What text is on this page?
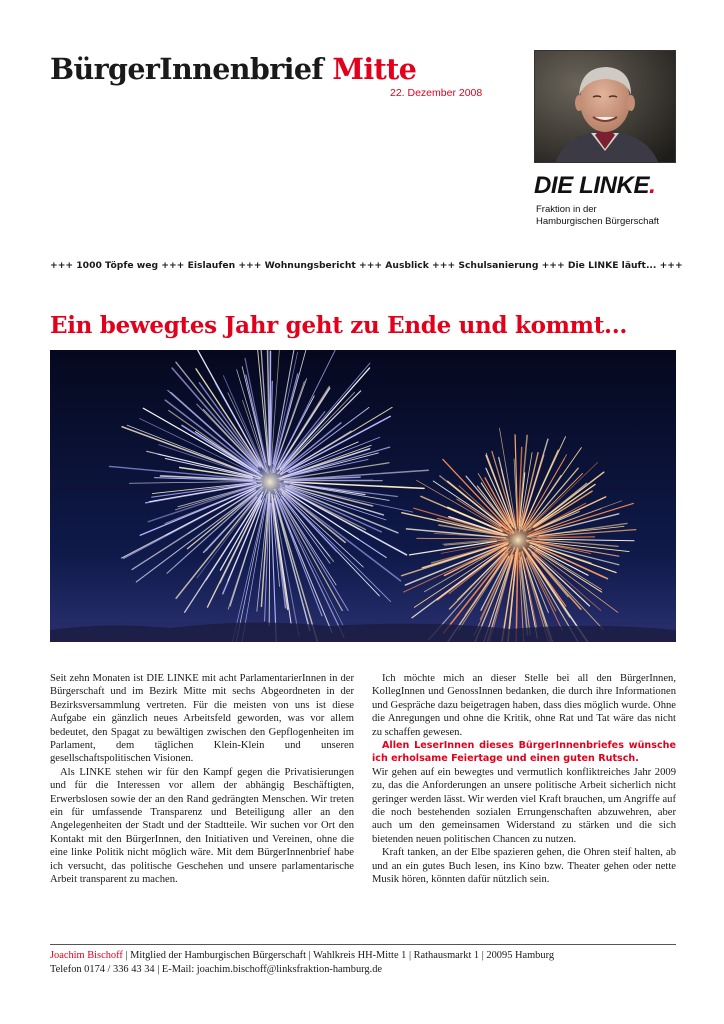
BürgerInnenbrief Mitte
22. Dezember 2008
DIE LINKE.
Fraktion in der
Hamburgischen Bürgerschaft
+++ 1000 Töpfe weg +++ Eislaufen +++ Wohnungsbericht +++ Ausblick +++ Schulsanierung +++ Die LINKE läuft... +++
Ein bewegtes Jahr geht zu Ende und kommt...

Seit zehn Monaten ist DIE LINKE mit acht ParlamentarierInnen in der Bürgerschaft und im Bezirk Mitte mit sechs Abgeordneten in der Bezirksversammlung vertreten. Für die meisten von uns ist diese Aufgabe ein gänzlich neues Arbeitsfeld geworden, was vor allem bedeutet, den Spagat zu bewältigen zwischen den Gepflogenheiten im Parlament, dem täglichen Klein-Klein und unseren gesellschaftspolitischen Visionen.

Als LINKE stehen wir für den Kampf gegen die Privatisierungen und für die Interessen vor allem der abhängig Beschäftigten, Erwerbslosen sowie der an den Rand gedrängten Menschen. Wir treten ein für umfassende Transparenz und Beteiligung aller an den Angelegenheiten der Stadt und der Stadtteile. Wir suchen vor Ort den Kontakt mit den BürgerInnen, den Initiativen und Vereinen, ohne die eine linke Politik nicht möglich wäre. Mit dem BürgerInnenbrief habe ich versucht, das politische Geschehen und unsere parlamentarische Arbeit transparent zu machen.

Ich möchte mich an dieser Stelle bei all den BürgerInnen, KollegInnen und GenossInnen bedanken, die durch ihre Informationen und Gespräche dazu beigetragen haben, dass dies möglich wurde. Ohne die Anregungen und ohne die Kritik, ohne Rat und Tat wäre das nicht zu schaffen gewesen.

Allen LeserInnen dieses BürgerInnenbriefes wünsche ich erholsame Feiertage und einen guten Rutsch.

Wir gehen auf ein bewegtes und vermutlich konfliktreiches Jahr 2009 zu, das die Anforderungen an unsere politische Arbeit sicherlich nicht geringer werden lässt. Wir werden viel Kraft brauchen, um Angriffe auf die noch bestehenden sozialen Errungenschaften abzuwehren, aber auch um den gemeinsamen Widerstand zu stärken und die sich bietenden neuen politischen Chancen zu nutzen.

Kraft tanken, an der Elbe spazieren gehen, die Ohren steif halten, ab und an ein gutes Buch lesen, ins Kino bzw. Theater gehen oder nette Musik hören, könnten dafür nützlich sein.

Joachim Bischoff | Mitglied der Hamburgischen Bürgerschaft | Wahlkreis HH-Mitte 1 | Rathausmarkt 1 | 20095 Hamburg
Telefon 0174 / 336 43 34 | E-Mail: joachim.bischoff@linksfraktion-hamburg.de
